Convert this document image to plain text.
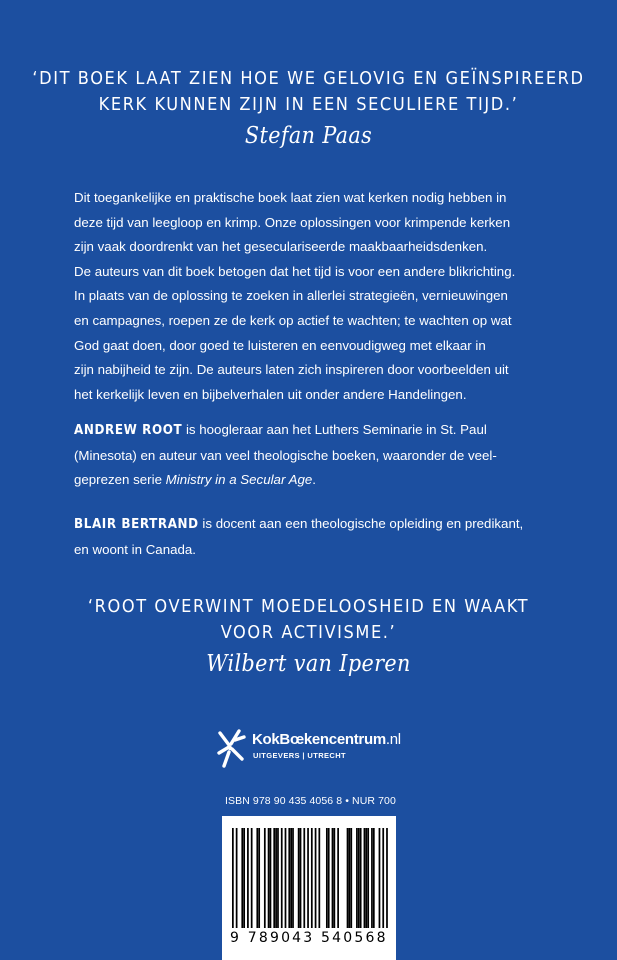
‘DIT BOEK LAAT ZIEN HOE WE GELOVIG EN GEÏNSPIREERD
KERK KUNNEN ZIJN IN EEN SECULIERE TIJD.’
Stefan Paas
Dit toegankelijke en praktische boek laat zien wat kerken nodig hebben in
deze tijd van leegloop en krimp. Onze oplossingen voor krimpende kerken
zijn vaak doordrenkt van het geseculariseerde maakbaarheidsdenken.
De auteurs van dit boek betogen dat het tijd is voor een andere blikrichting.
In plaats van de oplossing te zoeken in allerlei strategieën, vernieuwingen
en campagnes, roepen ze de kerk op actief te wachten; te wachten op wat
God gaat doen, door goed te luisteren en eenvoudigweg met elkaar in
zijn nabijheid te zijn. De auteurs laten zich inspireren door voorbeelden uit
het kerkelijk leven en bijbelverhalen uit onder andere Handelingen.
ANDREW ROOT is hoogleraar aan het Luthers Seminarie in St. Paul
(Minesota) en auteur van veel theologische boeken, waaronder de veel-
geprezen serie Ministry in a Secular Age.
BLAIR BERTRAND is docent aan een theologische opleiding en predikant,
en woont in Canada.
‘ROOT OVERWINT MOEDELOOSHEID EN WAAKT
VOOR ACTIVISME.’
Wilbert van Iperen
KokBœkencentrum.nl
UITGEVERS | UTRECHT
ISBN 978 90 435 4056 8 • NUR 700
9 789043 540568
